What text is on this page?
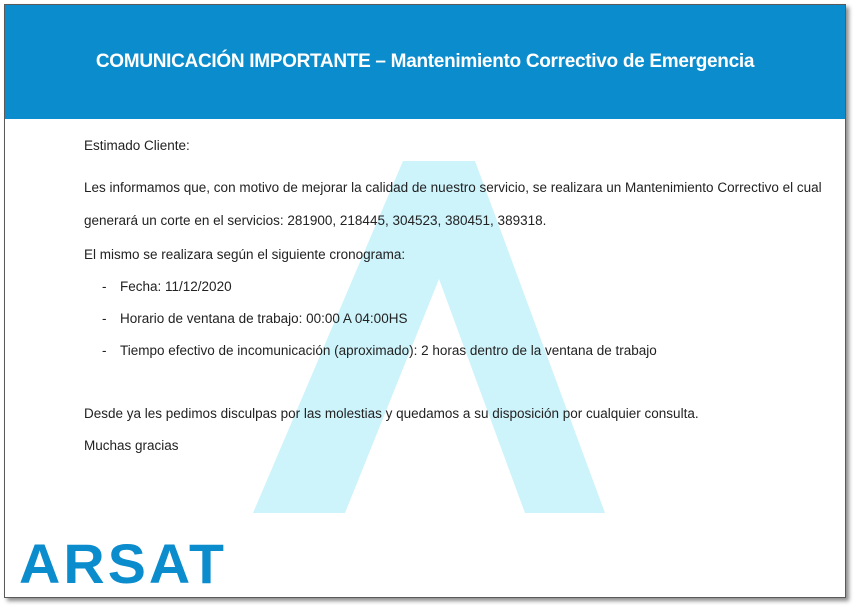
COMUNICACIÓN IMPORTANTE – Mantenimiento Correctivo de Emergencia
Estimado Cliente:
Les informamos que, con motivo de mejorar la calidad de nuestro servicio, se realizara un Mantenimiento Correctivo el cual
generará un corte en el servicios: 281900, 218445, 304523, 380451, 389318.
El mismo se realizara según el siguiente cronograma:
- Fecha: 11/12/2020
- Horario de ventana de trabajo: 00:00 A 04:00HS
- Tiempo efectivo de incomunicación (aproximado): 2 horas dentro de la ventana de trabajo
Desde ya les pedimos disculpas por las molestias y quedamos a su disposición por cualquier consulta.
Muchas gracias
ARSAT
